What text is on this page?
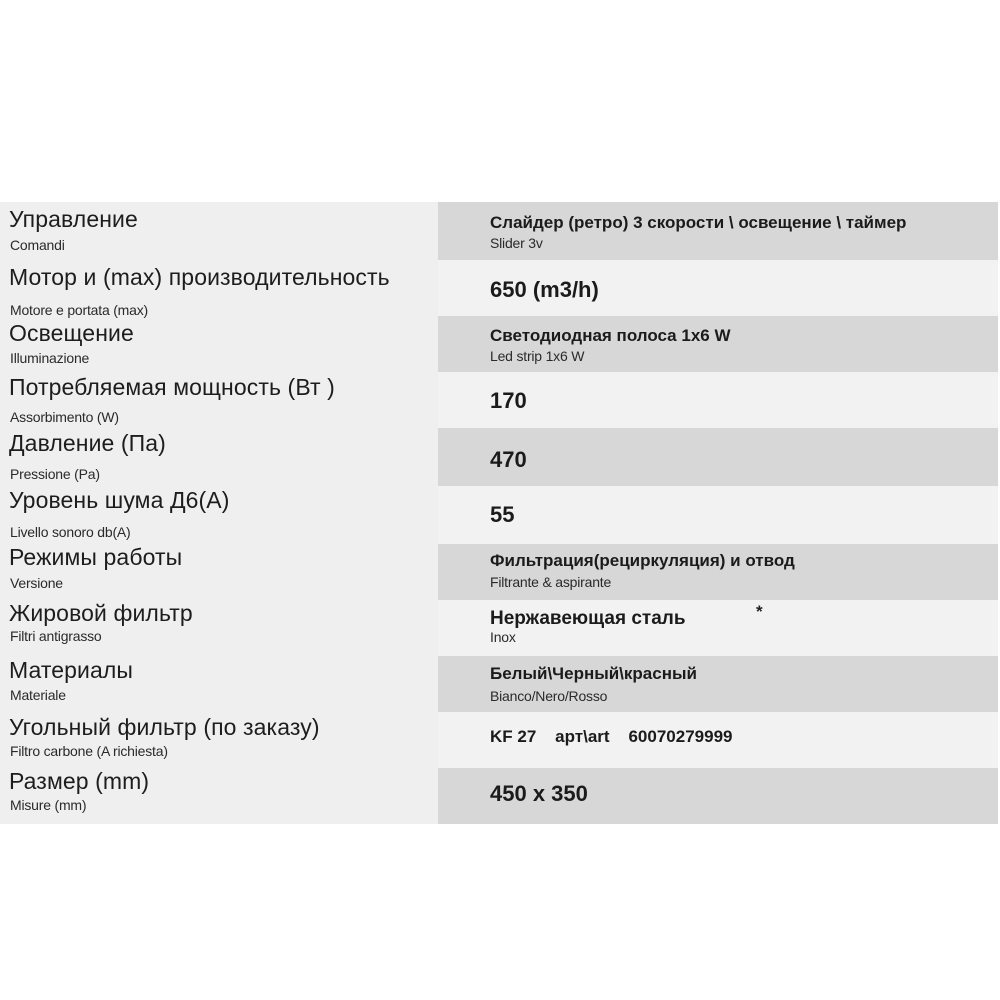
Управление
Comandi
Слайдер (ретро) 3 скорости \ освещение \ таймер
Slider 3v
Мотор и (max) производительность
Motore e portata (max)
650 (m3/h)
Освещение
Illuminazione
Светодиодная полоса 1x6 W
Led strip 1x6 W
Потребляемая мощность (Вт )
Assorbimento (W)
170
Давление (Па)
Pressione (Pa)
470
Уровень шума Д6(А)
Livello sonoro db(A)
55
Режимы работы
Versione
Фильтрация(рециркуляция) и отвод
Filtrante & aspirante
Жировой фильтр
Filtri antigrasso
Нержавеющая сталь	*
Inox
Материалы
Materiale
Белый\Черный\красный
Bianco/Nero/Rosso
Угольный фильтр (по заказу)
Filtro carbone (A richiesta)
KF 27    арт\art    60070279999
Размер (mm)
Misure (mm)	450 x 350
